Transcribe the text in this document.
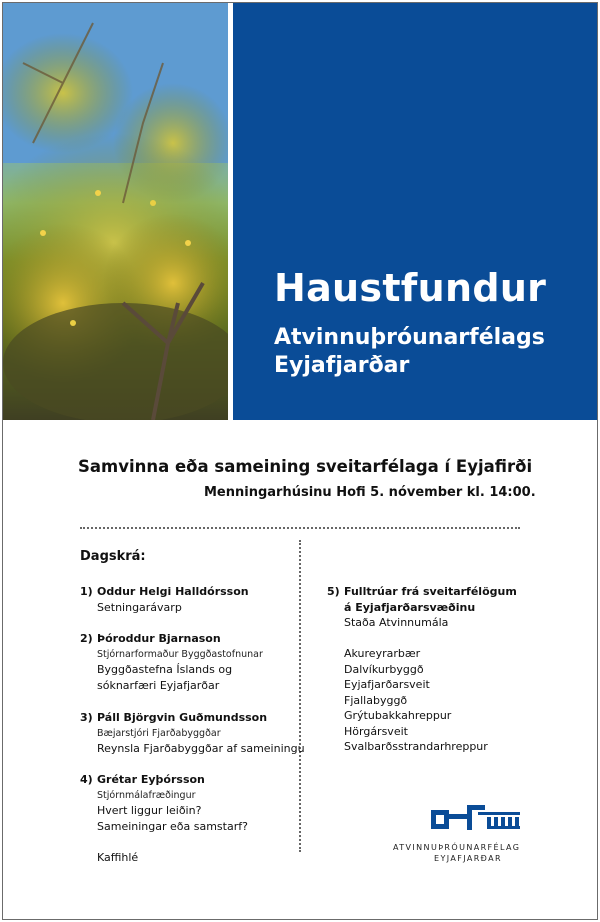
Haustfundur
Atvinnuþróunarfélags
Eyjafjarðar
Samvinna eða sameining sveitarfélaga í Eyjafirði
Menningarhúsinu Hofi 5. nóvember kl. 14:00.
Dagskrá:
1) Oddur Helgi Halldórsson
Setningarávarp
2) Þóroddur Bjarnason
Stjórnarformaður Byggðastofnunar
Byggðastefna Íslands og
sóknarfæri Eyjafjarðar
3) Páll Björgvin Guðmundsson
Bæjarstjóri Fjarðabyggðar
Reynsla Fjarðabyggðar af sameiningu
4) Grétar Eyþórsson
Stjórnmálafræðingur
Hvert liggur leiðin?
Sameiningar eða samstarf?
Kaffihlé
5) Fulltrúar frá sveitarfélögum
á Eyjafjarðarsvæðinu
Staða Atvinnumála
Akureyrarbær
Dalvíkurbyggð
Eyjafjarðarsveit
Fjallabyggð
Grýtubakkahreppur
Hörgársveit
Svalbarðsstrandarhreppur
ATVINNUÞRÓUNARFÉLAG
EYJAFJARÐAR
